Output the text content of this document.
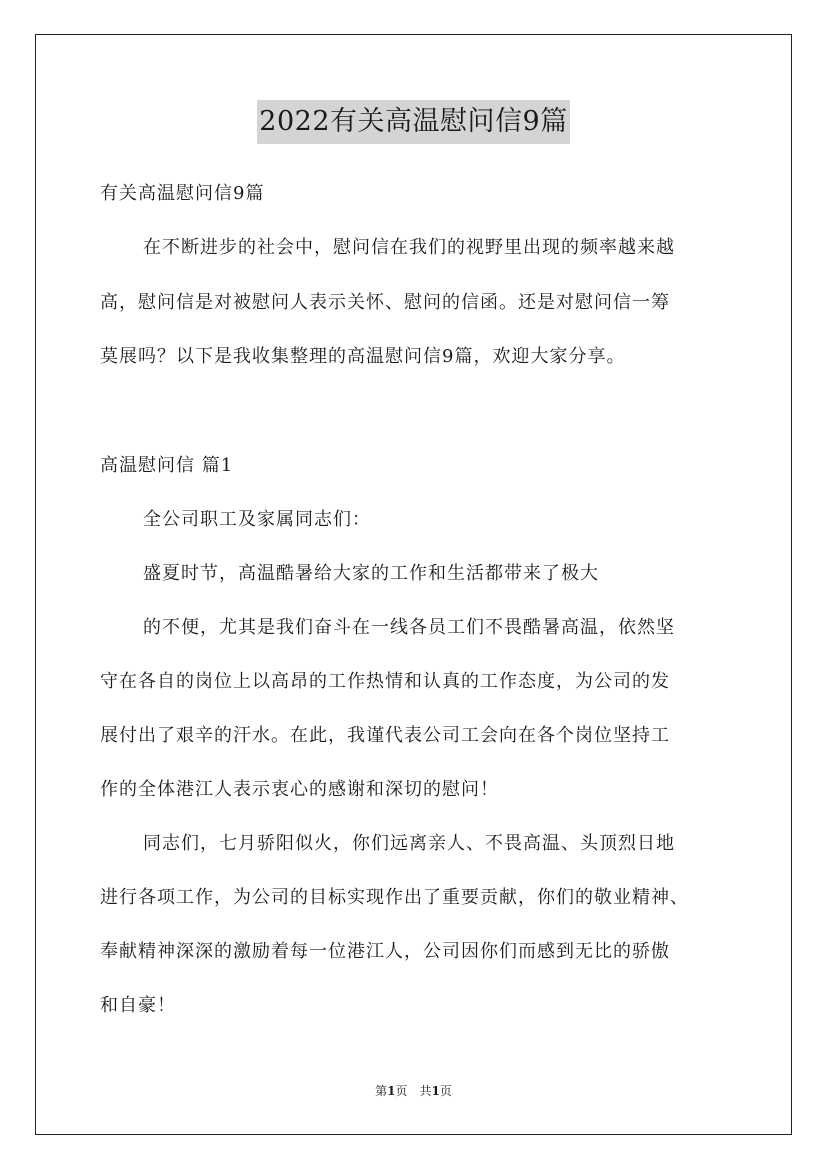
2022有关高温慰问信9篇
有关高温慰问信9篇
在不断进步的社会中，慰问信在我们的视野里出现的频率越来越
高，慰问信是对被慰问人表示关怀、慰问的信函。还是对慰问信一筹
莫展吗？以下是我收集整理的高温慰问信9篇，欢迎大家分享。
高温慰问信 篇1
全公司职工及家属同志们：
盛夏时节，高温酷暑给大家的工作和生活都带来了极大
的不便，尤其是我们奋斗在一线各员工们不畏酷暑高温，依然坚
守在各自的岗位上以高昂的工作热情和认真的工作态度，为公司的发
展付出了艰辛的汗水。在此，我谨代表公司工会向在各个岗位坚持工
作的全体港江人表示衷心的感谢和深切的慰问！
同志们，七月骄阳似火，你们远离亲人、不畏高温、头顶烈日地
进行各项工作，为公司的目标实现作出了重要贡献，你们的敬业精神、
奉献精神深深的激励着每一位港江人，公司因你们而感到无比的骄傲
和自豪！
第1页　共1页
